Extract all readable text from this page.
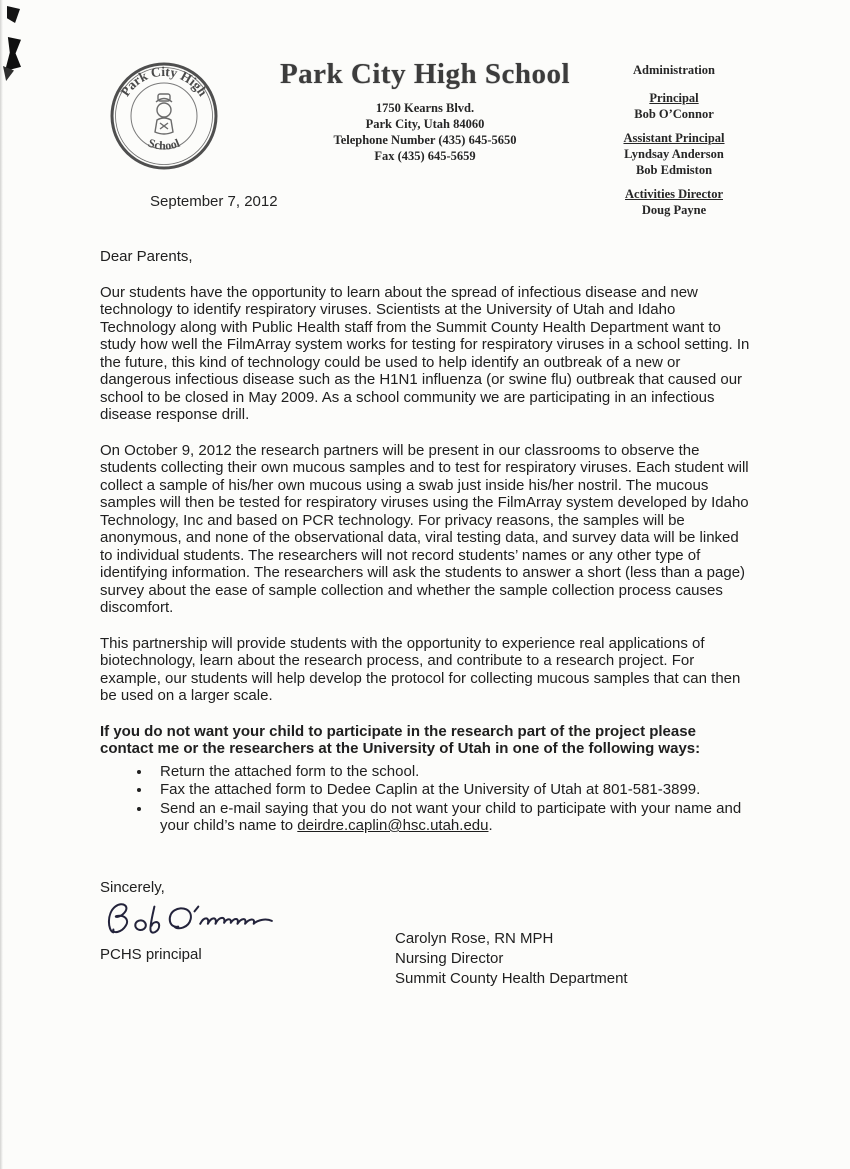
Park City High
School
Park City High School
1750 Kearns Blvd.
Park City, Utah 84060
Telephone Number (435) 645-5650
Fax (435) 645-5659
Administration
Principal
Bob O’Connor
Assistant Principal
Lyndsay Anderson
Bob Edmiston
Activities Director
Doug Payne
September 7, 2012

Dear Parents,

Our students have the opportunity to learn about the spread of infectious disease and new technology to identify respiratory viruses. Scientists at the University of Utah and Idaho Technology along with Public Health staff from the Summit County Health Department want to study how well the FilmArray system works for testing for respiratory viruses in a school setting. In the future, this kind of technology could be used to help identify an outbreak of a new or dangerous infectious disease such as the H1N1 influenza (or swine flu) outbreak that caused our school to be closed in May 2009. As a school community we are participating in an infectious disease response drill.

On October 9, 2012 the research partners will be present in our classrooms to observe the students collecting their own mucous samples and to test for respiratory viruses. Each student will collect a sample of his/her own mucous using a swab just inside his/her nostril. The mucous samples will then be tested for respiratory viruses using the FilmArray system developed by Idaho Technology, Inc and based on PCR technology. For privacy reasons, the samples will be anonymous, and none of the observational data, viral testing data, and survey data will be linked to individual students. The researchers will not record students’ names or any other type of identifying information. The researchers will ask the students to answer a short (less than a page) survey about the ease of sample collection and whether the sample collection process causes discomfort.

This partnership will provide students with the opportunity to experience real applications of biotechnology, learn about the research process, and contribute to a research project. For example, our students will help develop the protocol for collecting mucous samples that can then be used on a larger scale.

If you do not want your child to participate in the research part of the project please contact me or the researchers at the University of Utah in one of the following ways:

• Return the attached form to the school.
• Fax the attached form to Dedee Caplin at the University of Utah at 801-581-3899.
• Send an e-mail saying that you do not want your child to participate with your name and your child’s name to deirdre.caplin@hsc.utah.edu.
Sincerely,
PCHS principal
Carolyn Rose, RN MPH
Nursing Director
Summit County Health Department
